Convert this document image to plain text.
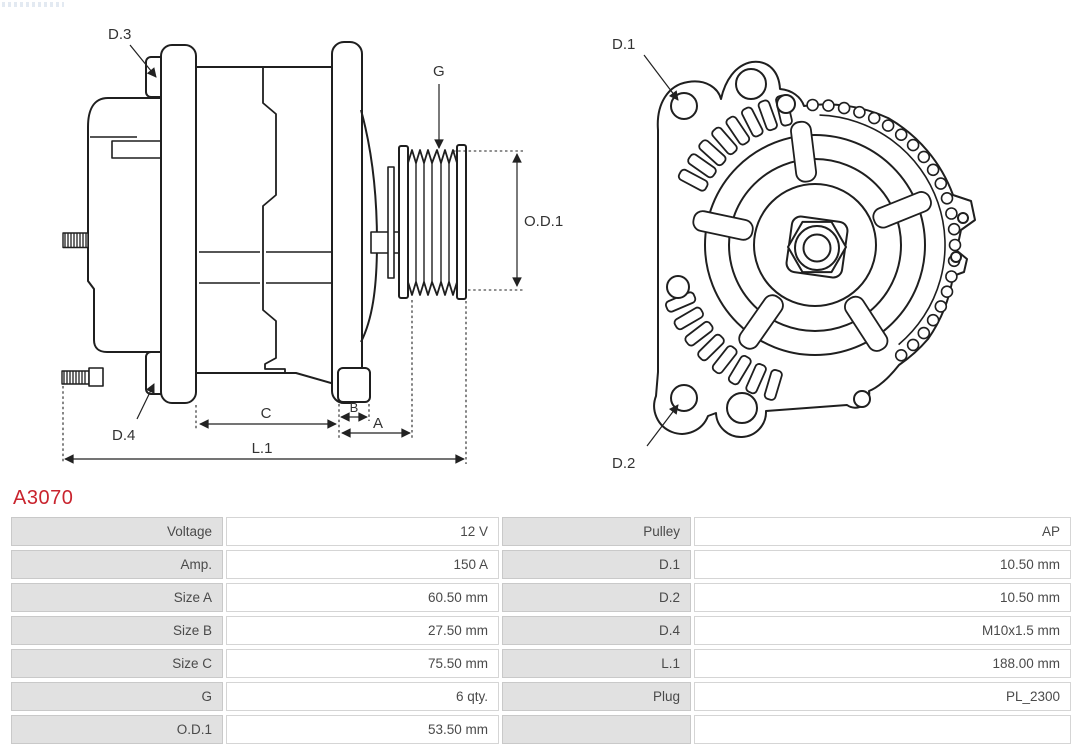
D.3
G
O.D.1
D.4
C	B
A
L.1
D.1
D.2
A3070
Voltage	12 V	Pulley	AP
Amp.	150 A	D.1	10.50 mm
Size A	60.50 mm	D.2	10.50 mm
Size B	27.50 mm	D.4	M10x1.5 mm
Size C	75.50 mm	L.1	188.00 mm
G	6 qty.	Plug	PL_2300
O.D.1	53.50 mm
